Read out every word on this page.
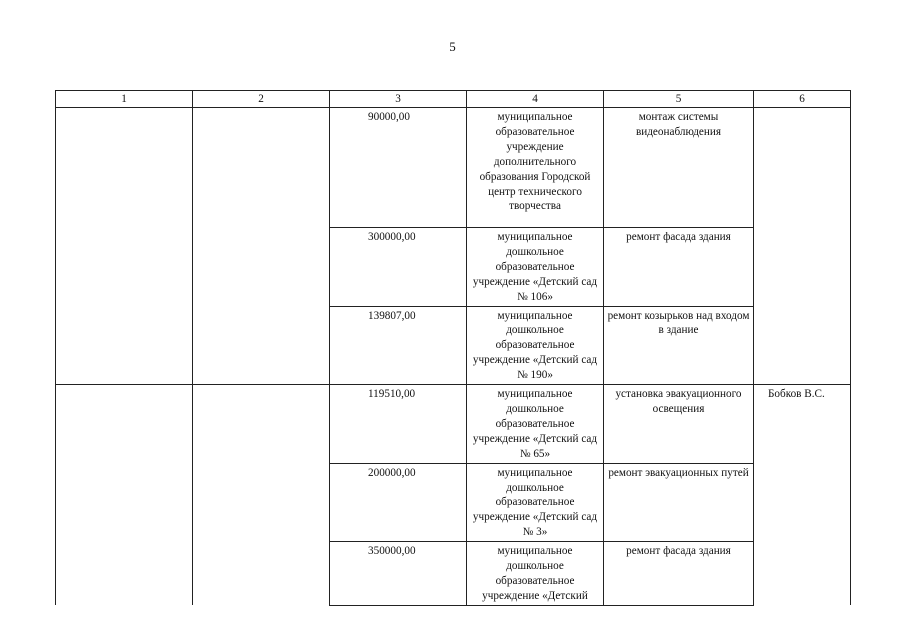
5
1	2	3	4	5	6
		90000,00	муниципальное образовательное учреждение дополнительного образования Городской центр технического творчества	монтаж системы видеонаблюдения	
		300000,00	муниципальное дошкольное образовательное учреждение «Детский сад № 106»	ремонт фасада здания	
		139807,00	муниципальное дошкольное образовательное учреждение «Детский сад № 190»	ремонт козырьков над входом в здание	
		119510,00	муниципальное дошкольное образовательное учреждение «Детский сад № 65»	установка эвакуационного освещения	Бобков В.С.
		200000,00	муниципальное дошкольное образовательное учреждение «Детский сад № 3»	ремонт эвакуационных путей	
		350000,00	муниципальное дошкольное образовательное учреждение «Детский	ремонт фасада здания	
